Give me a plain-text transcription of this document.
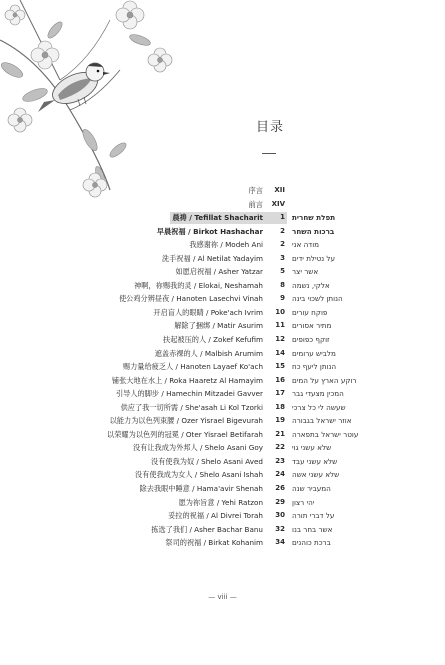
目录
序言	XII
前言	XIV
晨祷 / Tefillat Shacharit	1 תפלת שחרית
早晨祝福 / Birkot Hashachar	2 ברכות השחר
我感谢祢 / Modeh Ani	2 מודה אני
洗手祝福 / Al Netilat Yadayim	3 על נטילת ידים
如愿启祝福 / Asher Yatzar	5 אשר יצר
神啊，祢赐我的灵 / Elokai, Neshamah	8 אלקי, נשמה
使公鸡分辨昼夜 / Hanoten Lasechvi Vinah	9 הנותן לשכוי בינה
开启盲人的眼睛 / Poke'ach Ivrim	10 פוקח עורים
解除了捆绑 / Matir Asurim	11 מתיר אסורים
扶起被压的人 / Zokef Kefufim	12 זוקף כפופים
遮盖赤裸的人 / Malbish Arumim	14 מלביש ערומים
赐力量给疲乏人 / Hanoten Layaef Ko'ach	15 הנותן ליעף כח
铺张大地在水上 / Roka Haaretz Al Hamayim	16 רוקע הארץ על המים
引导人的脚步 / Hamechin Mitzadei Gavver	17 המכין מצעדי גבר
供应了我一切所需 / She'asah Li Kol Tzorki	18 שעשה לי כל צרכי
以能力为以色列束腰 / Ozer Yisrael Bigevurah	19 אוזר ישראל בגבורה
以荣耀为以色列的冠冕 / Oter Yisrael Betifarah	21 עוטר ישראל בתפארה
没有让我成为外邦人 / Shelo Asani Goy	22 שלא עשני גוי
没有使我为奴 / Shelo Asani Aved	23 שלא עשני עבד
没有使我成为女人 / Shelo Asani Ishah	24 שלא עשני אשה
除去我眼中睡意 / Hama'avir Shenah	26 המעביר שנה
愿为祢旨意 / Yehi Ratzon	29 יהי רצון
妥拉的祝福 / Al Divrei Torah	30 על דברי תורה
拣选了我们 / Asher Bachar Banu	32 אשר בחר בנו
祭司的祝福 / Birkat Kohanim	34 ברכת כוהנים
— viii —
